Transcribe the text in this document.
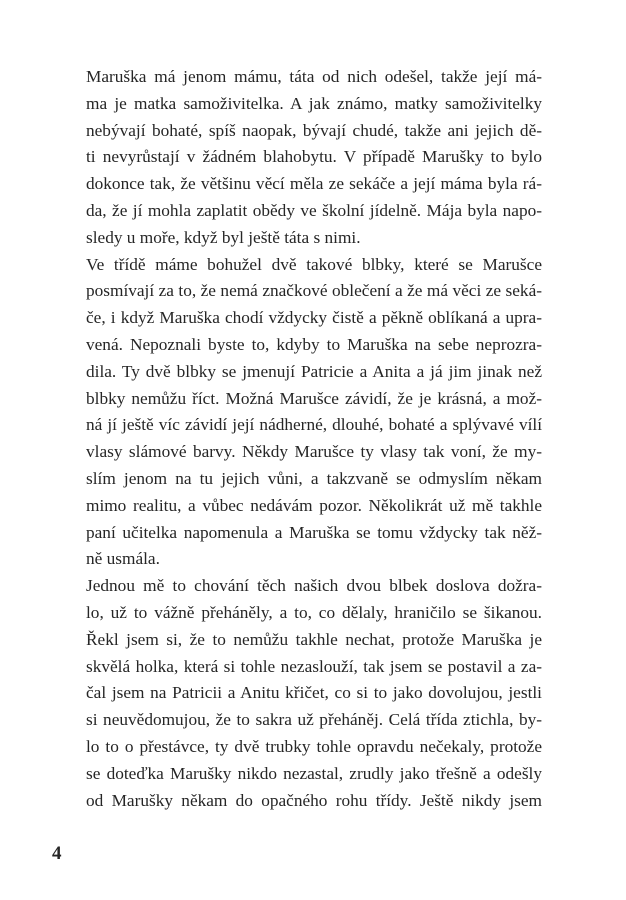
Maruška má jenom mámu, táta od nich odešel, takže její má-
ma je matka samoživitelka. A jak známo, matky samoživitelky
nebývají bohaté, spíš naopak, bývají chudé, takže ani jejich dě-
ti nevyrůstají v žádném blahobytu. V případě Marušky to bylo
dokonce tak, že většinu věcí měla ze sekáče a její máma byla rá-
da, že jí mohla zaplatit obědy ve školní jídelně. Mája byla napo-
sledy u moře, když byl ještě táta s nimi.
Ve třídě máme bohužel dvě takové blbky, které se Marušce
posmívají za to, že nemá značkové oblečení a že má věci ze seká-
če, i když Maruška chodí vždycky čistě a pěkně oblíkaná a upra-
vená. Nepoznali byste to, kdyby to Maruška na sebe neprozra-
dila. Ty dvě blbky se jmenují Patricie a Anita a já jim jinak než
blbky nemůžu říct. Možná Marušce závidí, že je krásná, a mož-
ná jí ještě víc závidí její nádherné, dlouhé, bohaté a splývavé vílí
vlasy slámové barvy. Někdy Marušce ty vlasy tak voní, že my-
slím jenom na tu jejich vůni, a takzvaně se odmyslím někam
mimo realitu, a vůbec nedávám pozor. Několikrát už mě takhle
paní učitelka napomenula a Maruška se tomu vždycky tak něž-
ně usmála.
Jednou mě to chování těch našich dvou blbek doslova dožra-
lo, už to vážně přeháněly, a to, co dělaly, hraničilo se šikanou.
Řekl jsem si, že to nemůžu takhle nechat, protože Maruška je
skvělá holka, která si tohle nezaslouží, tak jsem se postavil a za-
čal jsem na Patricii a Anitu křičet, co si to jako dovolujou, jestli
si neuvědomujou, že to sakra už přeháněj. Celá třída ztichla, by-
lo to o přestávce, ty dvě trubky tohle opravdu nečekaly, protože
se doteďka Marušky nikdo nezastal, zrudly jako třešně a odešly
od Marušky někam do opačného rohu třídy. Ještě nikdy jsem
4
